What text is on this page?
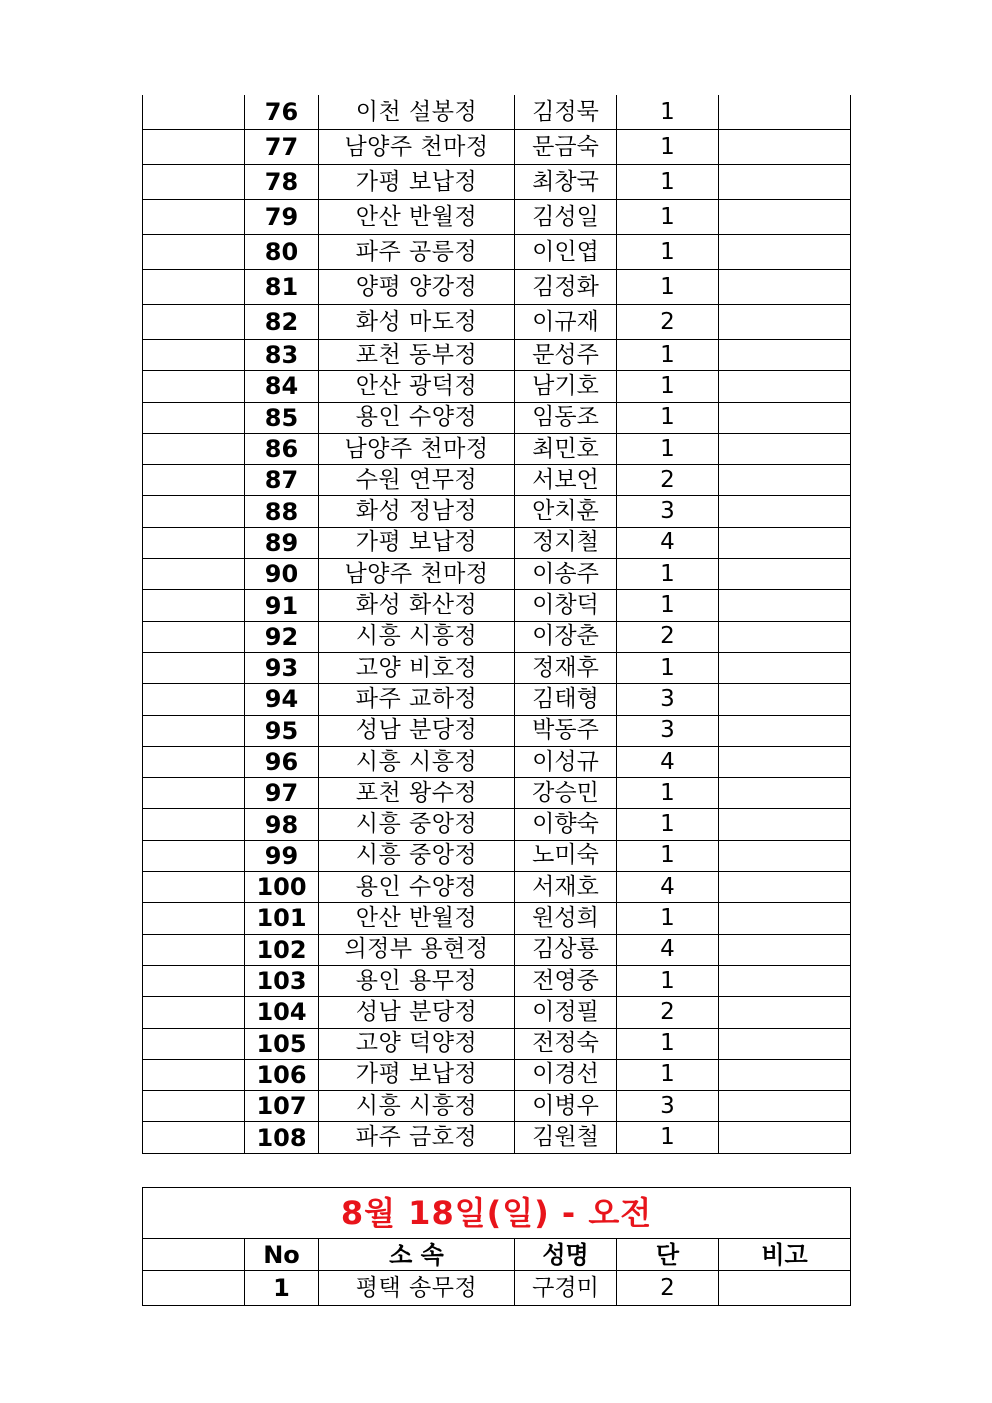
	76	이천 설봉정	김정묵	1	
	77	남양주 천마정	문금숙	1	
	78	가평 보납정	최창국	1	
	79	안산 반월정	김성일	1	
	80	파주 공릉정	이인엽	1	
	81	양평 양강정	김정화	1	
	82	화성 마도정	이규재	2	
	83	포천 동부정	문성주	1	
	84	안산 광덕정	남기호	1	
	85	용인 수양정	임동조	1	
	86	남양주 천마정	최민호	1	
	87	수원 연무정	서보언	2	
	88	화성 정남정	안치훈	3	
	89	가평 보납정	정지철	4	
	90	남양주 천마정	이송주	1	
	91	화성 화산정	이창덕	1	
	92	시흥 시흥정	이장춘	2	
	93	고양 비호정	정재후	1	
	94	파주 교하정	김태형	3	
	95	성남 분당정	박동주	3	
	96	시흥 시흥정	이성규	4	
	97	포천 왕수정	강승민	1	
	98	시흥 중앙정	이향숙	1	
	99	시흥 중앙정	노미숙	1	
	100	용인 수양정	서재호	4	
	101	안산 반월정	원성희	1	
	102	의정부 용현정	김상룡	4	
	103	용인 용무정	전영중	1	
	104	성남 분당정	이정필	2	
	105	고양 덕양정	전정숙	1	
	106	가평 보납정	이경선	1	
	107	시흥 시흥정	이병우	3	
	108	파주 금호정	김원철	1	
8월 18일(일) - 오전					
	No	소 속	성명	단	비고
	1	평택 송무정	구경미	2	
